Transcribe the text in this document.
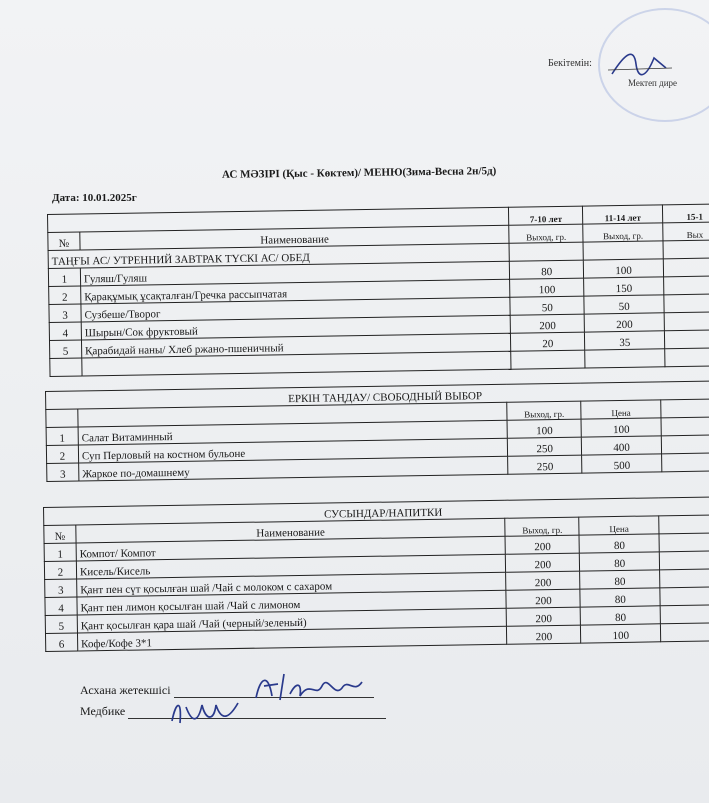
Бекітемін:
Мектеп дире
АС МӘЗІРІ (Қыс - Көктем)/ МЕНЮ(Зима-Весна 2н/5д)
Дата: 10.01.2025г
		7-10 лет	11-14 лет	15-1
№	Наименование	Выход, гр.	Выход, гр.	Вых
ТАҢҒЫ АС/ УТРЕННИЙ ЗАВТРАК ТҮСКІ АС/ ОБЕД				
1	Гуляш/Гуляш	80	100	
2	Қарақұмық ұсақталған/Гречка рассыпчатая	100	150	
3	Сузбеше/Творог	50	50	
4	Шырын/Сок фруктовый	200	200	
5	Қарабидай наны/ Хлеб ржано-пшеничный	20	35	

ЕРКІН ТАҢДАУ/ СВОБОДНЫЙ ВЫБОР				
		Выход, гр.	Цена	
1	Салат Витаминный	100	100	
2	Суп Перловый на костном бульоне	250	400	
3	Жаркое по-домашнему	250	500	
СУСЫНДАР/НАПИТКИ				
№	Наименование	Выход, гр.	Цена	
1	Компот/ Компот	200	80	
2	Кисель/Кисель	200	80	
3	Қант пен сүт қосылған шай /Чай с молоком с сахаром	200	80	
4	Қант пен лимон қосылған шай /Чай с лимоном	200	80	
5	Қант қосылған қара шай /Чай (черный/зеленый)	200	80	
6	Кофе/Кофе 3*1	200	100	
Асхана жетекшісі
Медбике
